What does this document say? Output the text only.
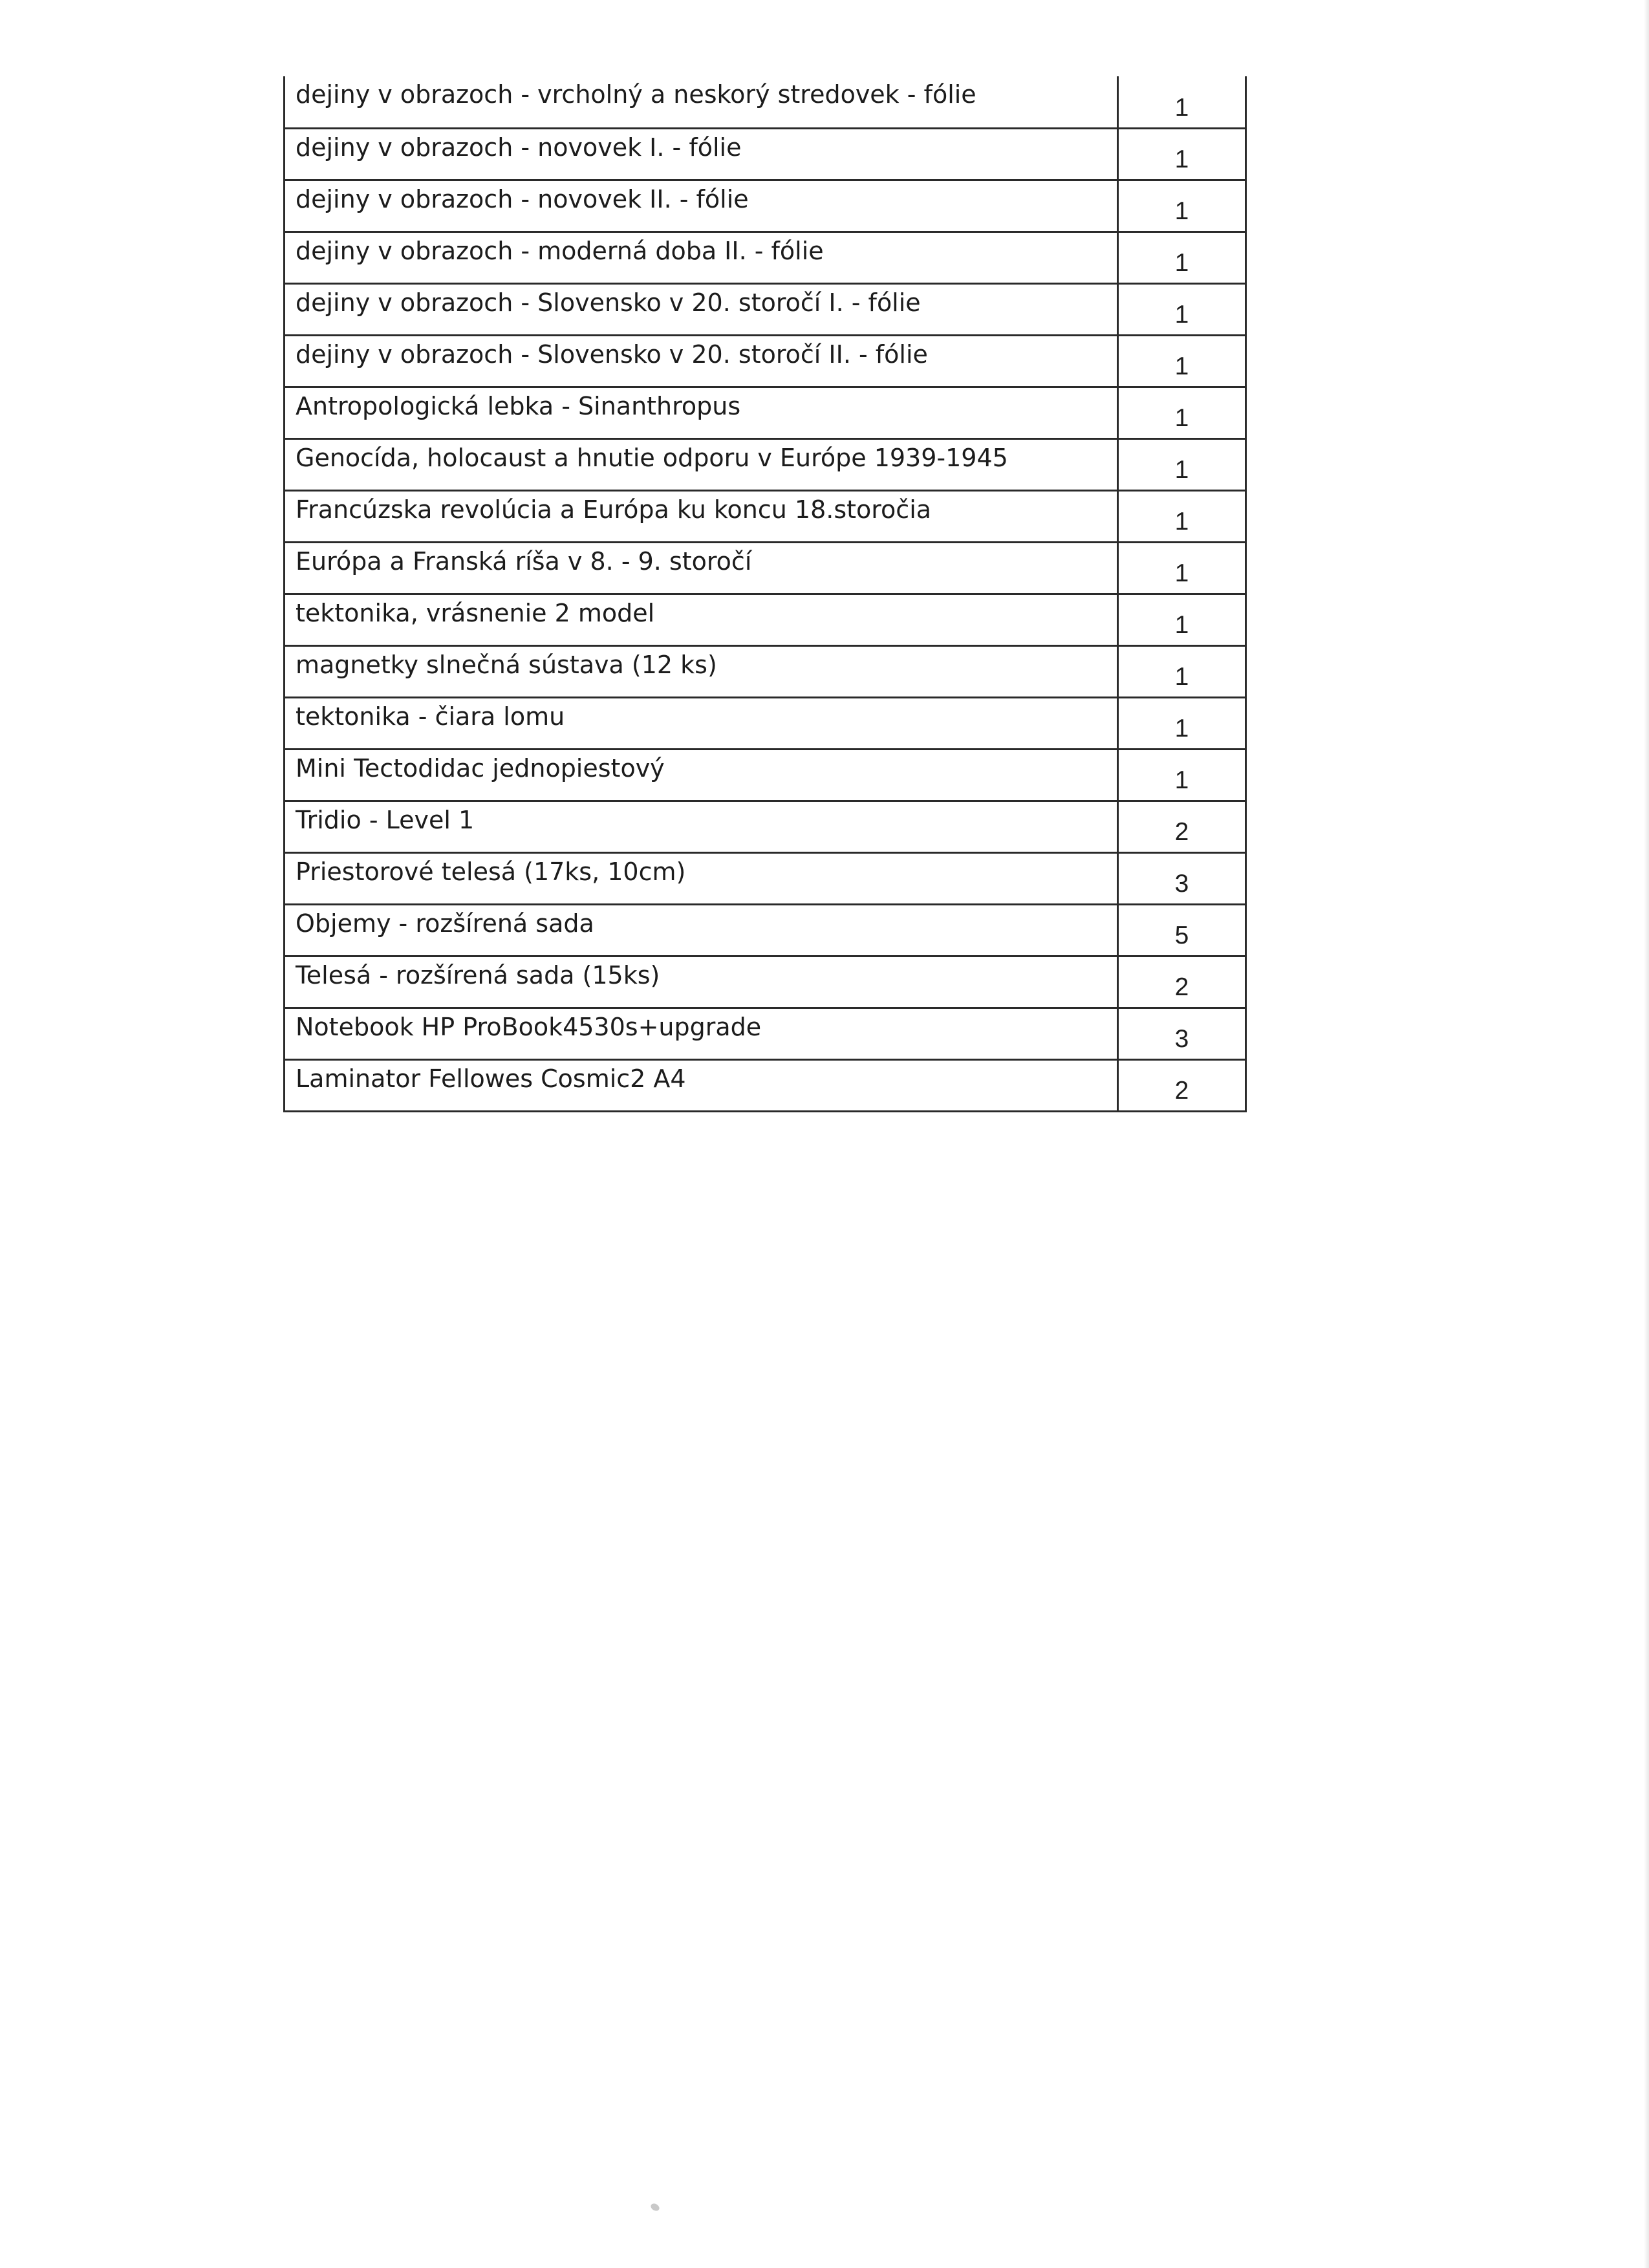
dejiny v obrazoch - vrcholný a neskorý stredovek - fólie	1
dejiny v obrazoch - novovek I. - fólie	1
dejiny v obrazoch - novovek II. - fólie	1
dejiny v obrazoch - moderná doba II. - fólie	1
dejiny v obrazoch - Slovensko v 20. storočí I. - fólie	1
dejiny v obrazoch - Slovensko v 20. storočí II. - fólie	1
Antropologická lebka - Sinanthropus	1
Genocída, holocaust a hnutie odporu v Európe 1939-1945	1
Francúzska revolúcia a Európa ku koncu 18.storočia	1
Európa a Franská ríša v 8. - 9. storočí	1
tektonika, vrásnenie 2 model	1
magnetky slnečná sústava (12 ks)	1
tektonika - čiara lomu	1
Mini Tectodidac jednopiestový	1
Tridio - Level 1	2
Priestorové telesá (17ks, 10cm)	3
Objemy - rozšírená sada	5
Telesá - rozšírená sada (15ks)	2
Notebook HP ProBook4530s+upgrade	3
Laminator Fellowes Cosmic2 A4	2
